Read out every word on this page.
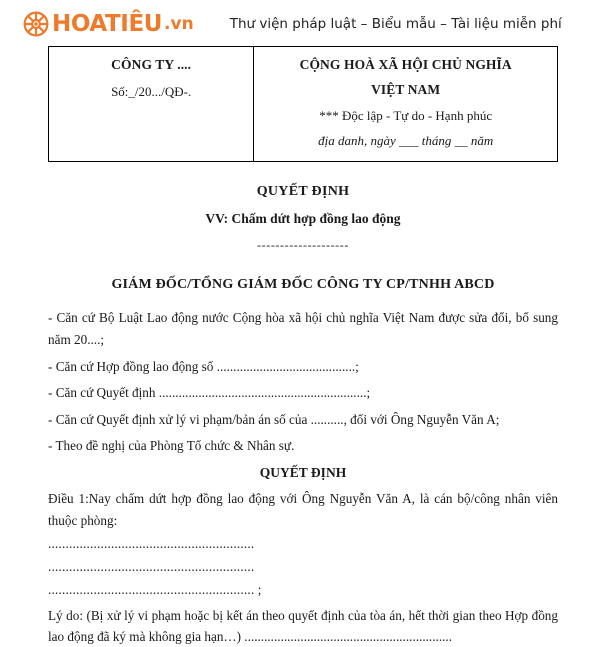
HOATIÊU .vn	Thư viện pháp luật – Biểu mẫu – Tài liệu miễn phí
CÔNG TY ....
Số:_/20.../QĐ-.

CỘNG HOÀ XÃ HỘI CHỦ NGHĨA
VIỆT NAM
*** Độc lập - Tự do - Hạnh phúc
địa danh, ngày ___ tháng __ năm
QUYẾT ĐỊNH
VV: Chấm dứt hợp đồng lao động
--------------------
GIÁM ĐỐC/TỔNG GIÁM ĐỐC CÔNG TY CP/TNHH ABCD

- Căn cứ Bộ Luật Lao động nước Cộng hòa xã hội chủ nghĩa Việt Nam được sửa đổi, bổ sung năm 20....;

- Căn cứ Hợp đồng lao động số ..........................................;

- Căn cứ Quyết định ...............................................................;

- Căn cứ Quyết định xử lý vi phạm/bản án số của .........., đối với Ông Nguyễn Văn A;

- Theo đề nghị của Phòng Tổ chức & Nhân sự.

QUYẾT ĐỊNH

Điều 1:Nay chấm dứt hợp đồng lao động với Ông Nguyễn Văn A, là cán bộ/công nhân viên thuộc phòng:

...........................................................

...........................................................

........................................................... ;

Lý do: (Bị xử lý vi phạm hoặc bị kết án theo quyết định của tòa án, hết thời gian theo Hợp đồng lao động đã ký mà không gia hạn…) ...............................................................
